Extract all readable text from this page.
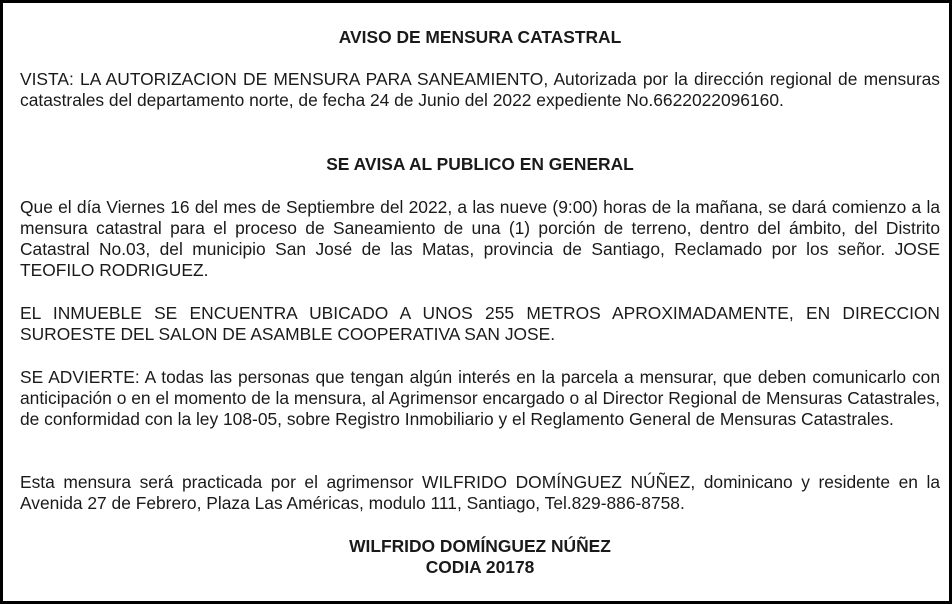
AVISO DE MENSURA CATASTRAL

VISTA: LA AUTORIZACION DE MENSURA PARA SANEAMIENTO, Autorizada por la dirección regional de mensuras catastrales del departamento norte, de fecha 24 de Junio del 2022 expediente No.6622022096160.

SE AVISA AL PUBLICO EN GENERAL

Que el día Viernes 16 del mes de Septiembre del 2022, a las nueve (9:00) horas de la mañana, se dará comienzo a la mensura catastral para el proceso de Saneamiento de una (1) porción de terreno, dentro del ámbito, del Distrito Catastral No.03, del municipio San José de las Matas, provincia de Santiago, Reclamado por los señor. JOSE TEOFILO RODRIGUEZ.

EL INMUEBLE SE ENCUENTRA UBICADO A UNOS 255 METROS APROXIMADAMENTE, EN DIRECCION SUROESTE DEL SALON DE ASAMBLE COOPERATIVA SAN JOSE.

SE ADVIERTE: A todas las personas que tengan algún interés en la parcela a mensurar, que deben comunicarlo con anticipación o en el momento de la mensura, al Agrimensor encargado o al Director Regional de Mensuras Catastrales, de conformidad con la ley 108-05, sobre Registro Inmobiliario y el Reglamento General de Mensuras Catastrales.

Esta mensura será practicada por el agrimensor WILFRIDO DOMÍNGUEZ NÚÑEZ, dominicano y residente en la Avenida 27 de Febrero, Plaza Las Américas, modulo 111, Santiago, Tel.829-886-8758.

WILFRIDO DOMÍNGUEZ NÚÑEZ
CODIA 20178
